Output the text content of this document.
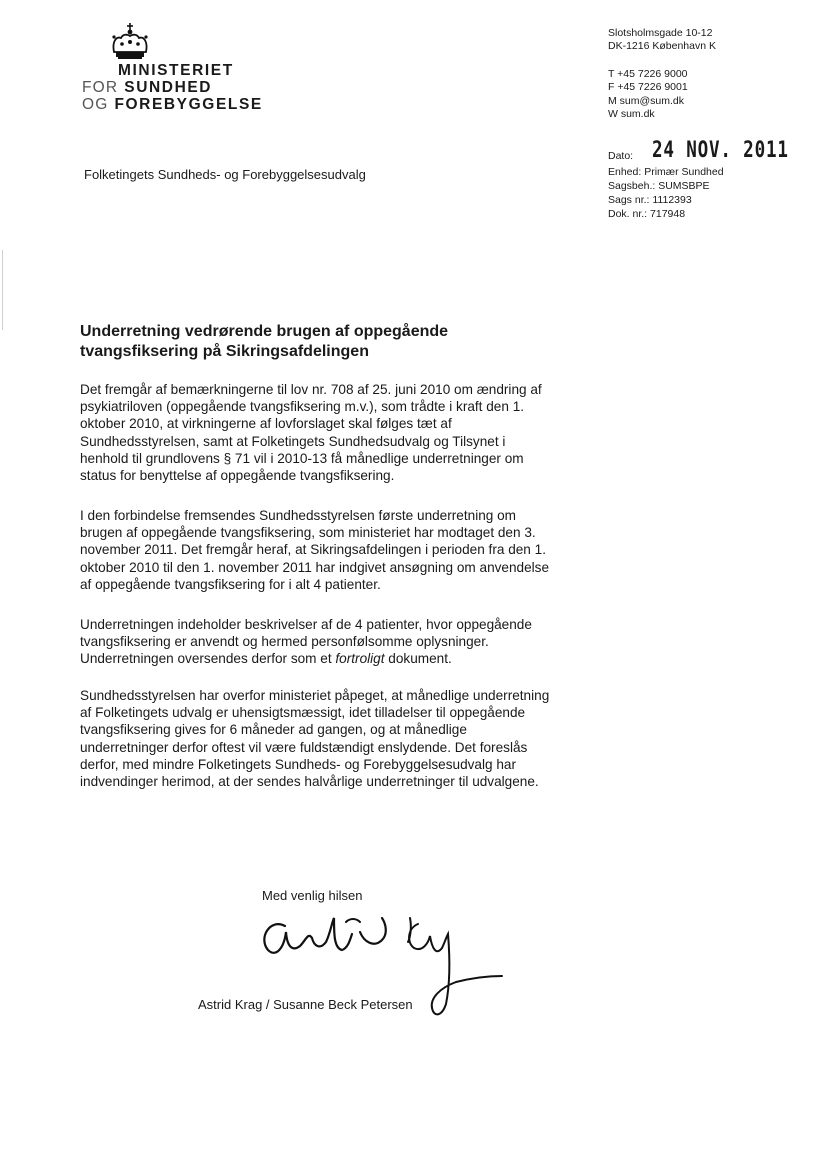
MINISTERIET
FOR SUNDHED
OG FOREBYGGELSE
Slotsholmsgade 10-12
DK-1216 København K
T +45 7226 9000
F +45 7226 9001
M sum@sum.dk
W sum.dk
Dato: 24 NOV. 2011
Enhed: Primær Sundhed
Sagsbeh.: SUMSBPE
Sags nr.: 1112393
Dok. nr.: 717948
Folketingets Sundheds- og Forebyggelsesudvalg
Underretning vedrørende brugen af oppegående
tvangsfiksering på Sikringsafdelingen
Det fremgår af bemærkningerne til lov nr. 708 af 25. juni 2010 om ændring af
psykiatriloven (oppegående tvangsfiksering m.v.), som trådte i kraft den 1.
oktober 2010, at virkningerne af lovforslaget skal følges tæt af
Sundhedsstyrelsen, samt at Folketingets Sundhedsudvalg og Tilsynet i
henhold til grundlovens § 71 vil i 2010-13 få månedlige underretninger om
status for benyttelse af oppegående tvangsfiksering.
I den forbindelse fremsendes Sundhedsstyrelsen første underretning om
brugen af oppegående tvangsfiksering, som ministeriet har modtaget den 3.
november 2011. Det fremgår heraf, at Sikringsafdelingen i perioden fra den 1.
oktober 2010 til den 1. november 2011 har indgivet ansøgning om anvendelse
af oppegående tvangsfiksering for i alt 4 patienter.
Underretningen indeholder beskrivelser af de 4 patienter, hvor oppegående
tvangsfiksering er anvendt og hermed personfølsomme oplysninger.
Underretningen oversendes derfor som et fortroligt dokument.
Sundhedsstyrelsen har overfor ministeriet påpeget, at månedlige underretning
af Folketingets udvalg er uhensigtsmæssigt, idet tilladelser til oppegående
tvangsfiksering gives for 6 måneder ad gangen, og at månedlige
underretninger derfor oftest vil være fuldstændigt enslydende. Det foreslås
derfor, med mindre Folketingets Sundheds- og Forebyggelsesudvalg har
indvendinger herimod, at der sendes halvårlige underretninger til udvalgene.
Med venlig hilsen
Astrid Krag / Susanne Beck Petersen
